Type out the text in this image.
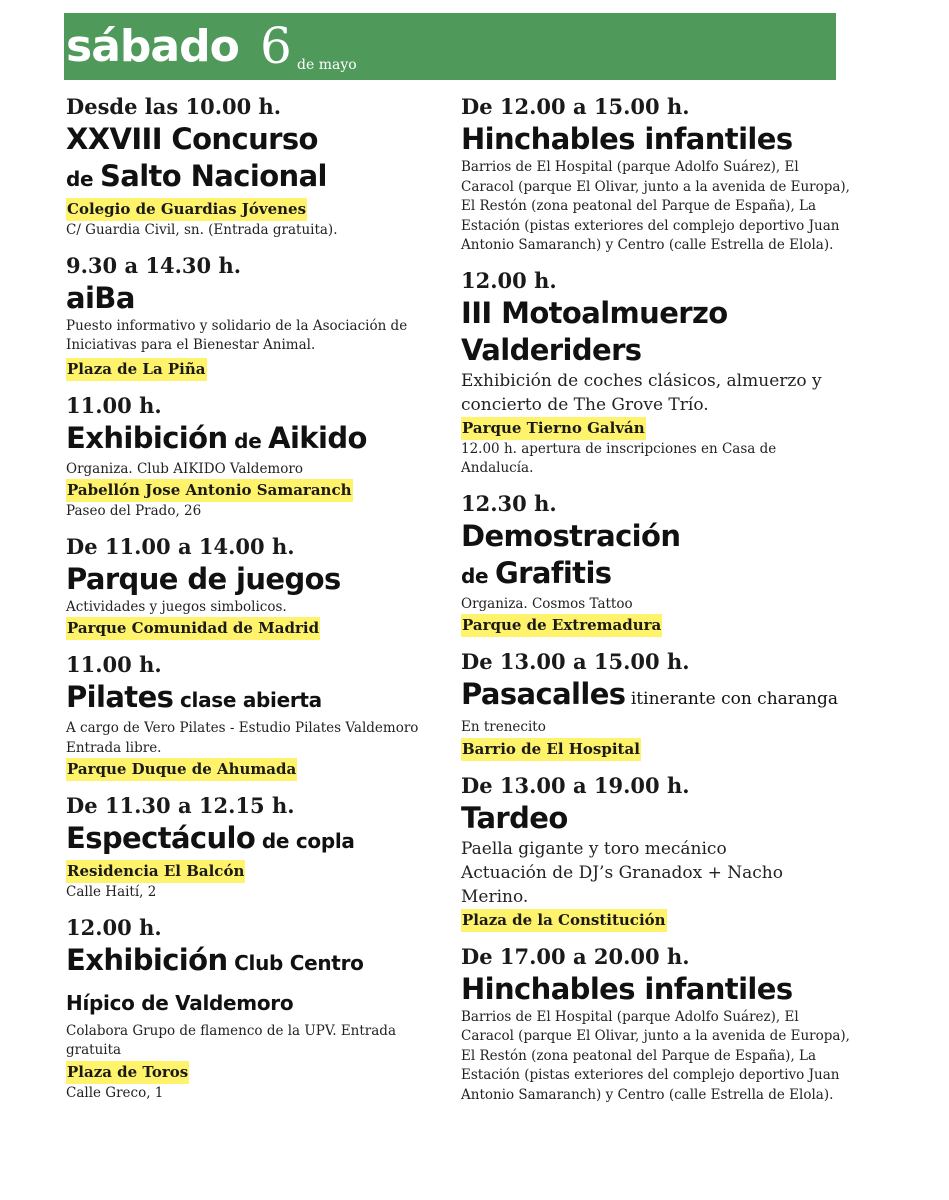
sábado 6 de mayo
Desde las 10.00 h.
XXVIII Concurso
de Salto Nacional
Colegio de Guardias Jóvenes
C/ Guardia Civil, sn. (Entrada gratuita).
9.30 a 14.30 h.
aiBa
Puesto informativo y solidario de la Asociación de Iniciativas para el Bienestar Animal.
Plaza de La Piña
11.00 h.
Exhibición de Aikido
Organiza. Club AIKIDO Valdemoro
Pabellón Jose Antonio Samaranch
Paseo del Prado, 26
De 11.00 a 14.00 h.
Parque de juegos
Actividades y juegos simbolicos.
Parque Comunidad de Madrid
11.00 h.
Pilates clase abierta
A cargo de Vero Pilates - Estudio Pilates Valdemoro
Entrada libre.
Parque Duque de Ahumada
De 11.30 a 12.15 h.
Espectáculo de copla
Residencia El Balcón
Calle Haití, 2
12.00 h.
Exhibición Club Centro
Hípico de Valdemoro
Colabora Grupo de flamenco de la UPV. Entrada gratuita
Plaza de Toros
Calle Greco, 1
De 12.00 a 15.00 h.
Hinchables infantiles
Barrios de El Hospital (parque Adolfo Suárez), El Caracol (parque El Olivar, junto a la avenida de Europa), El Restón (zona peatonal del Parque de España), La Estación (pistas exteriores del complejo deportivo Juan Antonio Samaranch) y Centro (calle Estrella de Elola).
12.00 h.
III Motoalmuerzo
Valderiders
Exhibición de coches clásicos, almuerzo y concierto de The Grove Trío.
Parque Tierno Galván
12.00 h. apertura de inscripciones en Casa de Andalucía.
12.30 h.
Demostración
de Grafitis
Organiza. Cosmos Tattoo
Parque de Extremadura
De 13.00 a 15.00 h.
Pasacalles itinerante con charanga
En trenecito
Barrio de El Hospital
De 13.00 a 19.00 h.
Tardeo
Paella gigante y toro mecánico
Actuación de DJ’s Granadox + Nacho Merino.
Plaza de la Constitución
De 17.00 a 20.00 h.
Hinchables infantiles
Barrios de El Hospital (parque Adolfo Suárez), El Caracol (parque El Olivar, junto a la avenida de Europa), El Restón (zona peatonal del Parque de España), La Estación (pistas exteriores del complejo deportivo Juan Antonio Samaranch) y Centro (calle Estrella de Elola).
